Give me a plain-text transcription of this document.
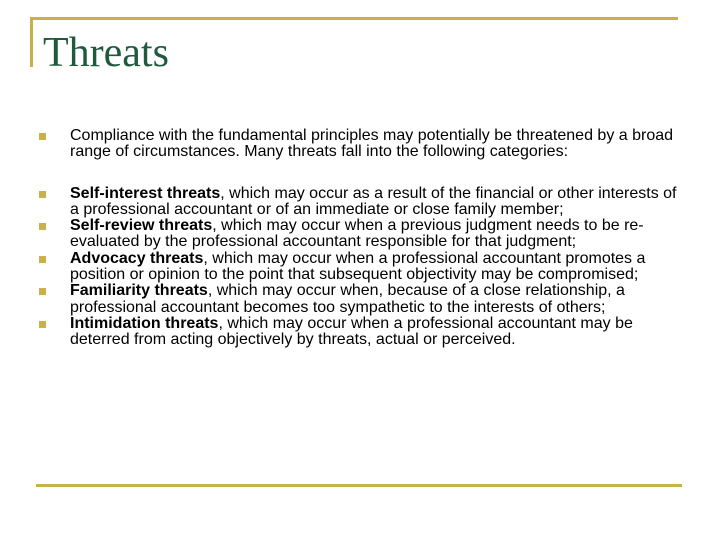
Threats
Compliance with the fundamental principles may potentially be threatened by a broad range of circumstances. Many threats fall into the following categories:
Self-interest threats, which may occur as a result of the financial or other interests of a professional accountant or of an immediate or close family member;
Self-review threats, which may occur when a previous judgment needs to be re-evaluated by the professional accountant responsible for that judgment;
Advocacy threats, which may occur when a professional accountant promotes a position or opinion to the point that subsequent objectivity may be compromised;
Familiarity threats, which may occur when, because of a close relationship, a professional accountant becomes too sympathetic to the interests of others;
Intimidation threats, which may occur when a professional accountant may be deterred from acting objectively by threats, actual or perceived.
